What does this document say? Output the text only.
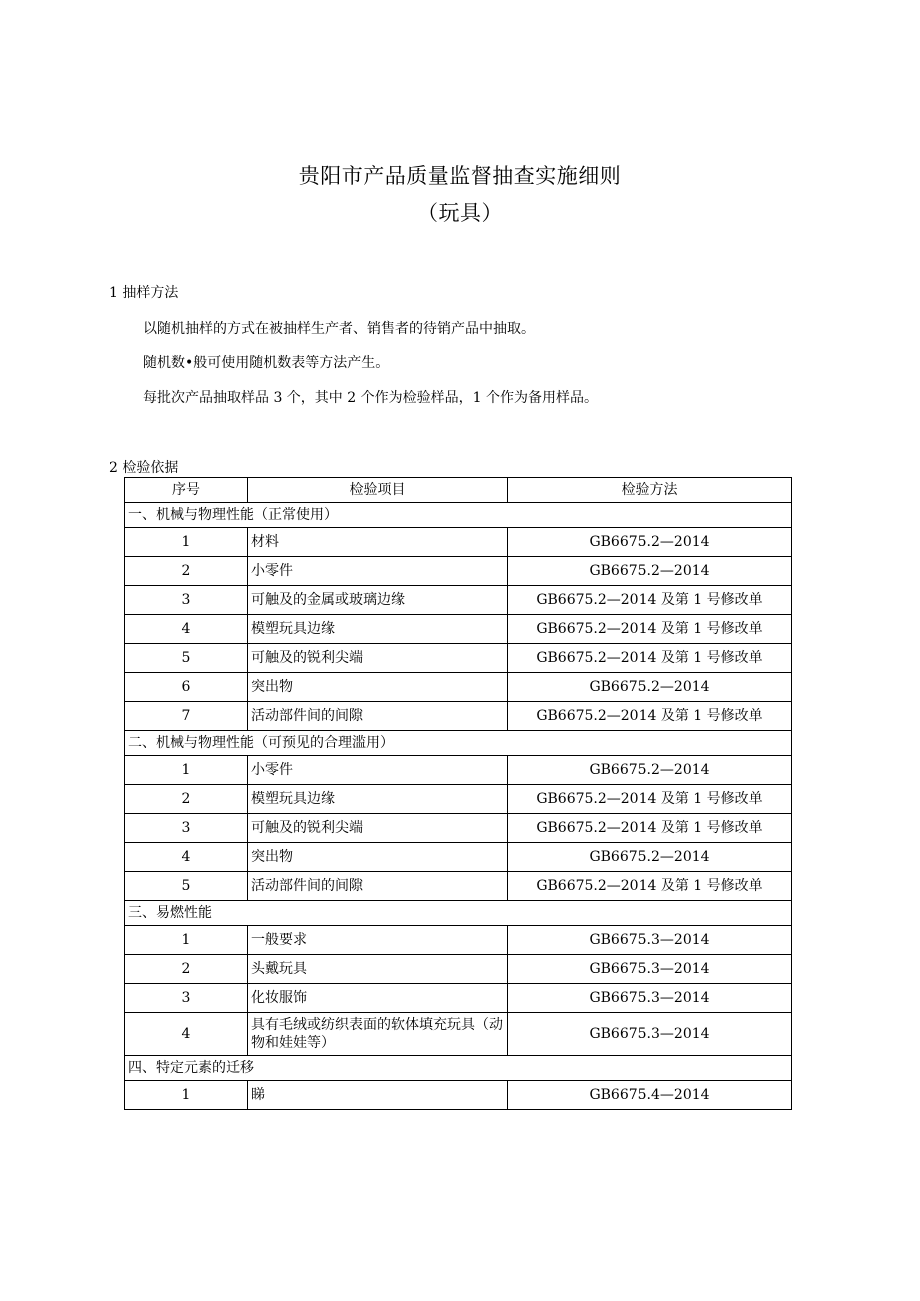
贵阳市产品质量监督抽查实施细则
（玩具）
1 抽样方法
以随机抽样的方式在被抽样生产者、销售者的待销产品中抽取。
随机数•般可使用随机数表等方法产生。
每批次产品抽取样品 3 个，其中 2 个作为检验样品，1 个作为备用样品。
2 检验依据
序号	检验项目	检验方法
一、机械与物理性能（正常使用）		
1	材料	GB6675.2—2014
2	小零件	GB6675.2—2014
3	可触及的金属或玻璃边缘	GB6675.2—2014 及第 1 号修改单
4	模塑玩具边缘	GB6675.2—2014 及第 1 号修改单
5	可触及的锐利尖端	GB6675.2—2014 及第 1 号修改单
6	突出物	GB6675.2—2014
7	活动部件间的间隙	GB6675.2—2014 及第 1 号修改单
二、机械与物理性能（可预见的合理滥用）		
1	小零件	GB6675.2—2014
2	模塑玩具边缘	GB6675.2—2014 及第 1 号修改单
3	可触及的锐利尖端	GB6675.2—2014 及第 1 号修改单
4	突出物	GB6675.2—2014
5	活动部件间的间隙	GB6675.2—2014 及第 1 号修改单
三、易燃性能		
1	一般要求	GB6675.3—2014
2	头戴玩具	GB6675.3—2014
3	化妆服饰	GB6675.3—2014
4	具有毛绒或纺织表面的软体填充玩具（动物和娃娃等）	GB6675.3—2014
四、特定元素的迁移		
1	睇	GB6675.4—2014
